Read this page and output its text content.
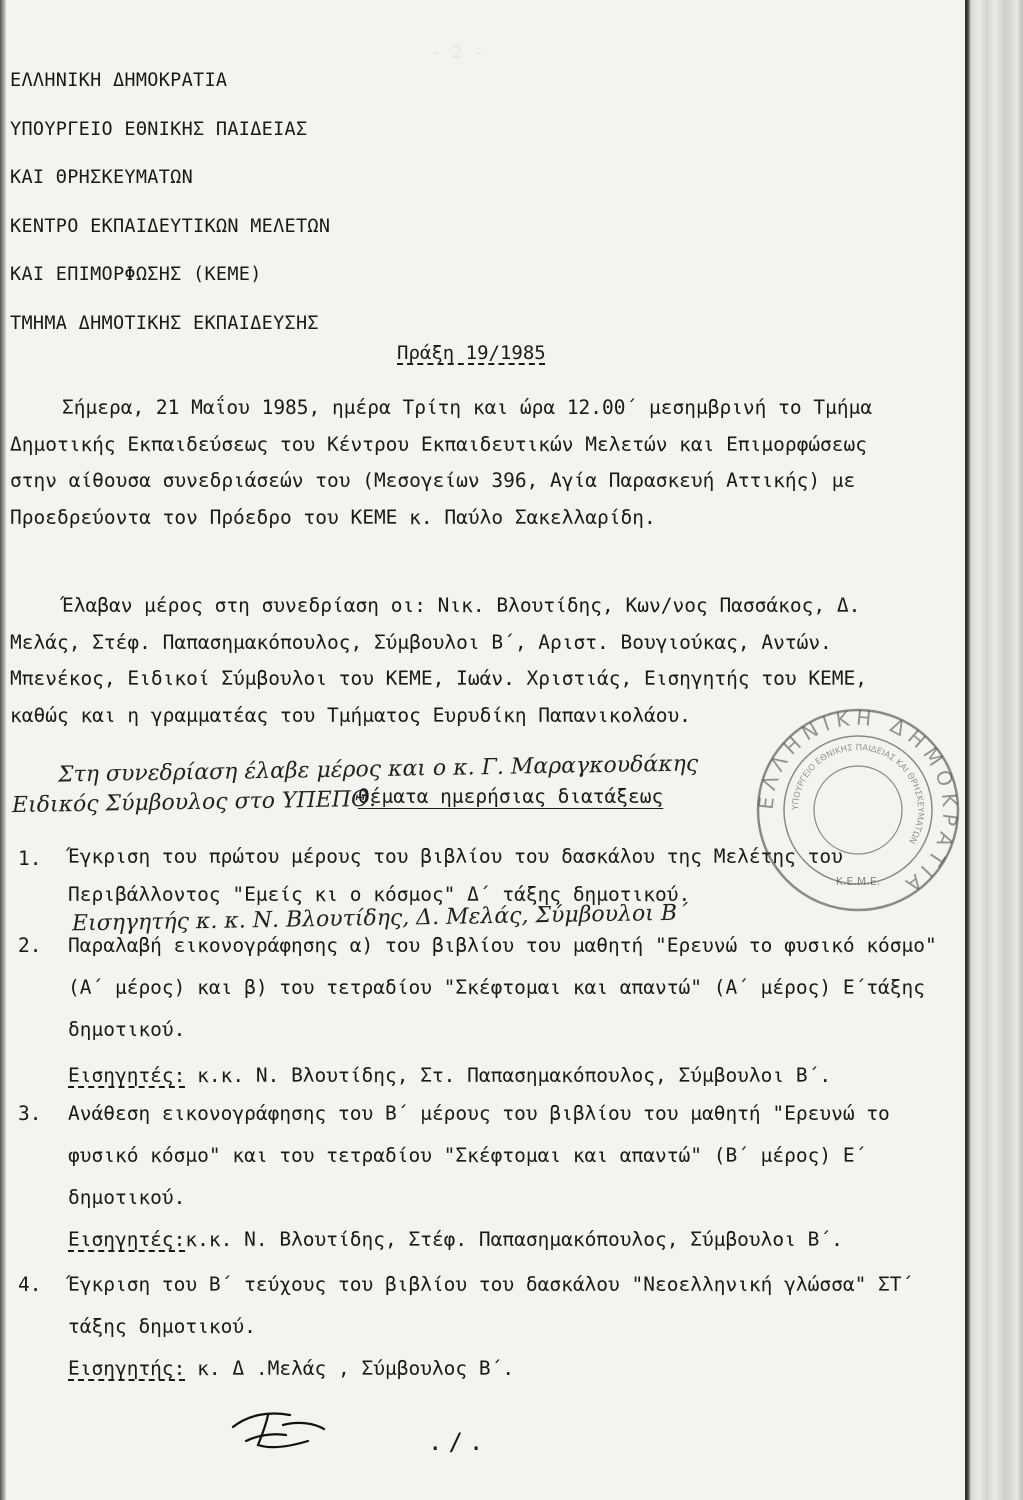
- 2 -
ΕΛΛΗΝΙΚΗ ΔΗΜΟΚΡΑΤΙΑ
ΥΠΟΥΡΓΕΙΟ ΕΘΝΙΚΗΣ ΠΑΙΔΕΙΑΣ
ΚΑΙ ΘΡΗΣΚΕΥΜΑΤΩΝ
ΚΕΝΤΡΟ ΕΚΠΑΙΔΕΥΤΙΚΩΝ ΜΕΛΕΤΩΝ
ΚΑΙ ΕΠΙΜΟΡΦΩΣΗΣ (ΚΕΜΕ)
ΤΜΗΜΑ ΔΗΜΟΤΙΚΗΣ ΕΚΠΑΙΔΕΥΣΗΣ
Πράξη 19/1985
Σήμερα, 21 Μαΐου 1985, ημέρα Τρίτη και ώρα 12.00΄ μεσημβρινή το Τμήμα Δημοτικής Εκπαιδεύσεως του Κέντρου Εκπαιδευτικών Μελετών και Επιμορφώσεως στην αίθουσα συνεδριάσεών του (Μεσογείων 396, Αγία Παρασκευή Αττικής) με Προεδρεύοντα τον Πρόεδρο του ΚΕΜΕ κ. Παύλο Σακελλαρίδη.
Έλαβαν μέρος στη συνεδρίαση οι: Νικ. Βλουτίδης, Κων/νος Πασσάκος, Δ. Μελάς, Στέφ. Παπασημακόπουλος, Σύμβουλοι Β΄, Αριστ. Βουγιούκας, Αντών. Μπενέκος, Ειδικοί Σύμβουλοι του ΚΕΜΕ, Ιωάν. Χριστιάς, Εισηγητής του ΚΕΜΕ, καθώς και η γραμματέας του Τμήματος Ευρυδίκη Παπανικολάου.
Στη συνεδρίαση έλαβε μέρος και ο κ. Γ. Μαραγκουδάκης
Ειδικός Σύμβουλος στο ΥΠΕΠΘ.
Θέματα ημερήσιας διατάξεως
1. Έγκριση του πρώτου μέρους του βιβλίου του δασκάλου της Μελέτης του Περιβάλλοντος "Εμείς κι ο κόσμος" Δ΄ τάξης δημοτικού.
Εισηγητής κ. κ. Ν. Βλουτίδης, Δ. Μελάς, Σύμβουλοι Β΄
2. Παραλαβή εικονογράφησης α) του βιβλίου του μαθητή "Ερευνώ το φυσικό κόσμο" (Α΄ μέρος) και β) του τετραδίου "Σκέφτομαι και απαντώ" (Α΄ μέρος) Ε΄τάξης δημοτικού.
Εισηγητές: κ.κ. Ν. Βλουτίδης, Στ. Παπασημακόπουλος, Σύμβουλοι Β΄.
3. Ανάθεση εικονογράφησης του Β΄ μέρους του βιβλίου του μαθητή "Ερευνώ το φυσικό κόσμο" και του τετραδίου "Σκέφτομαι και απαντώ" (Β΄ μέρος) Ε΄ δημοτικού.
Εισηγητές:κ.κ. Ν. Βλουτίδης, Στέφ. Παπασημακόπουλος, Σύμβουλοι Β΄.
4. Έγκριση του Β΄ τεύχους του βιβλίου του δασκάλου "Νεοελληνική γλώσσα" ΣΤ΄ τάξης δημοτικού.
Εισηγητής: κ. Δ .Μελάς , Σύμβουλος Β΄.
ΕΛΛΗΝΙΚΗ ΔΗΜΟΚΡΑΤΙΑ
ΥΠΟΥΡΓΕΙΟ ΕΘΝΙΚΗΣ ΠΑΙΔΕΙΑΣ ΚΑΙ ΘΡΗΣΚΕΥΜΑΤΩΝ
Κ.Ε.Μ.Ε.
./.
